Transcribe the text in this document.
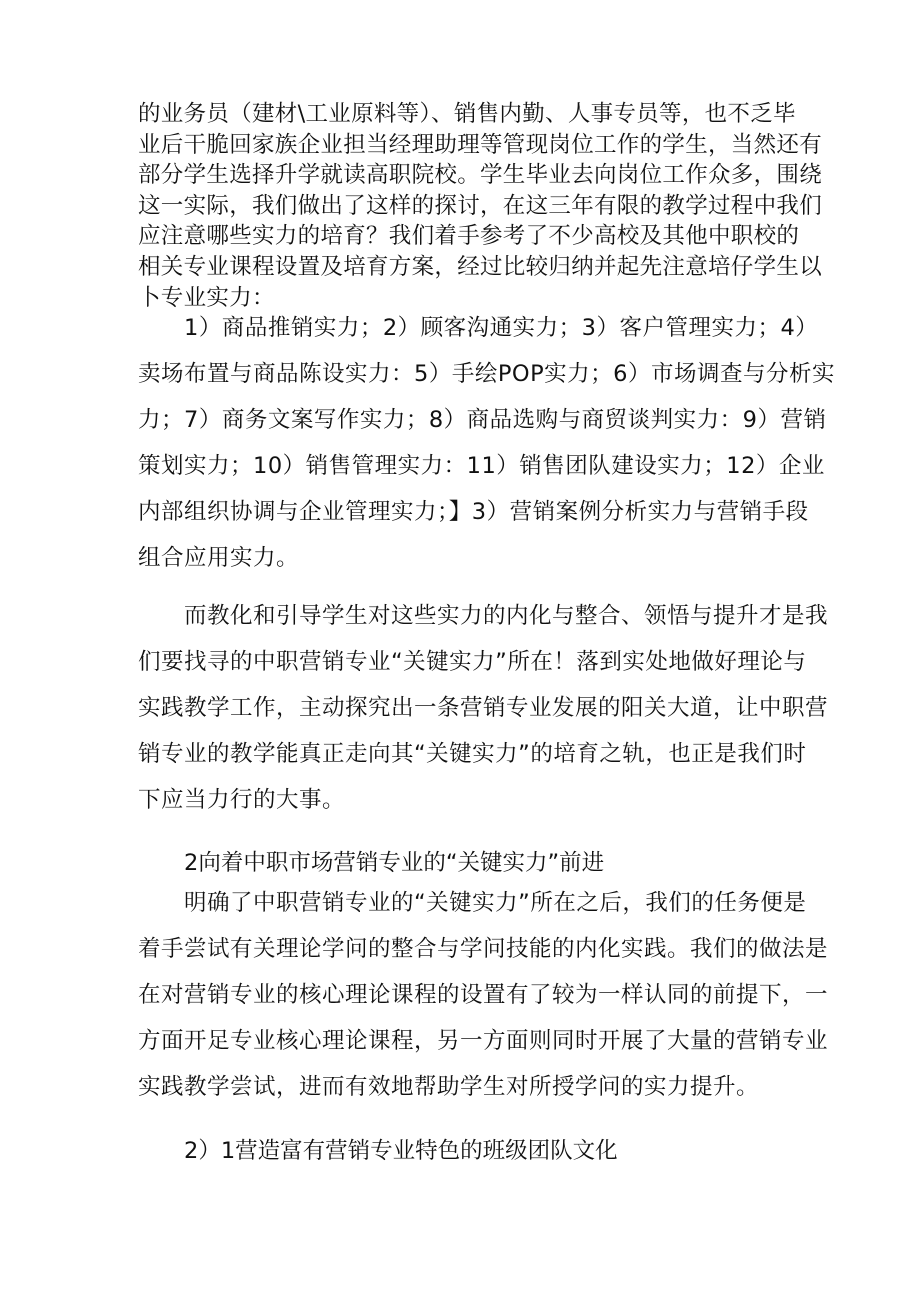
的业务员（建材\工业原料等）、销售内勤、人事专员等，也不乏毕
业后干脆回家族企业担当经理助理等管现岗位工作的学生，当然还有
部分学生选择升学就读高职院校。学生毕业去向岗位工作众多，围绕
这一实际，我们做出了这样的探讨，在这三年有限的教学过程中我们
应注意哪些实力的培育？我们着手参考了不少高校及其他中职校的
相关专业课程设置及培育方案，经过比较归纳并起先注意培仔学生以
卜专业实力：
1）商品推销实力；2）顾客沟通实力；3）客户管理实力；4）
卖场布置与商品陈设实力：5）手绘POP实力；6）市场调查与分析实
力；7）商务文案写作实力；8）商品选购与商贸谈判实力：9）营销
策划实力；10）销售管理实力：11）销售团队建设实力；12）企业
内部组织协调与企业管理实力；】3）营销案例分析实力与营销手段
组合应用实力。
而教化和引导学生对这些实力的内化与整合、领悟与提升才是我
们要找寻的中职营销专业“关键实力”所在！落到实处地做好理论与
实践教学工作，主动探究出一条营销专业发展的阳关大道，让中职营
销专业的教学能真正走向其“关键实力”的培育之轨，也正是我们时
下应当力行的大事。
2向着中职市场营销专业的“关键实力”前进
明确了中职营销专业的“关键实力”所在之后，我们的任务便是
着手尝试有关理论学问的整合与学问技能的内化实践。我们的做法是
在对营销专业的核心理论课程的设置有了较为一样认同的前提下，一
方面开足专业核心理论课程，另一方面则同时开展了大量的营销专业
实践教学尝试，进而有效地帮助学生对所授学问的实力提升。
2）1营造富有营销专业特色的班级团队文化
